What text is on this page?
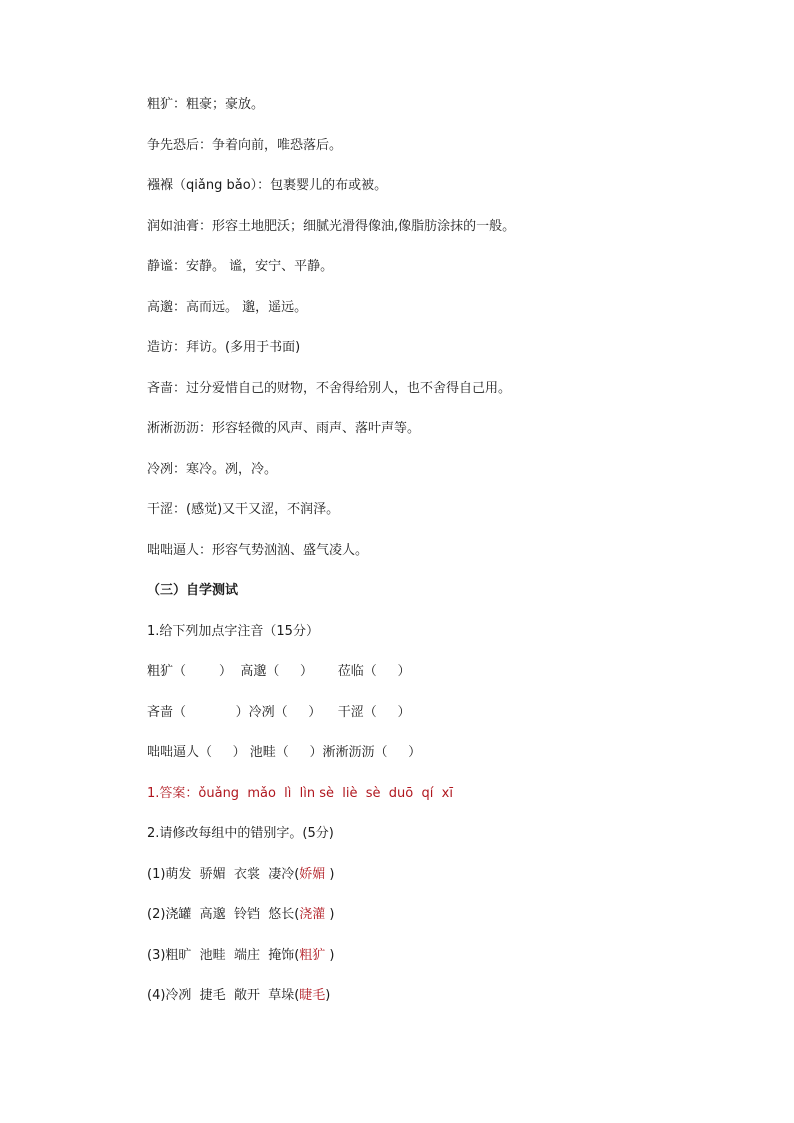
粗犷：粗豪；豪放。
争先恐后：争着向前，唯恐落后。
襁褓（qiǎng bǎo）：包裹婴儿的布或被。
润如油膏：形容土地肥沃；细腻光滑得像油,像脂肪涂抹的一般。
静谧：安静。 谧，安宁、平静。
高邈：高而远。 邈，遥远。
造访：拜访。(多用于书面)
吝啬：过分爱惜自己的财物，不舍得给别人，也不舍得自己用。
淅淅沥沥：形容轻微的风声、雨声、落叶声等。
冷冽：寒冷。冽，冷。
干涩：(感觉)又干又涩，不润泽。
咄咄逼人：形容气势汹汹、盛气凌人。
（三）自学测试
1.给下列加点字注音（15分）
粗犷（        ）  高邈（     ）      莅临（     ）
吝啬（            ）冷冽（     ）    干涩（     ）
咄咄逼人（     ） 池畦（     ）淅淅沥沥（     ）
1.答案：ǒuǎng  mǎo  lì  lìn sè  liè  sè  duō  qí  xī
2.请修改每组中的错别字。(5分)
(1)萌发  骄媚  衣裳  凄冷(娇媚 )
(2)浇罐  高邈  铃铛  悠长(浇灌 )
(3)粗旷  池畦  端庄  掩饰(粗犷 )
(4)冷冽  捷毛  敞开  草垛(睫毛)
